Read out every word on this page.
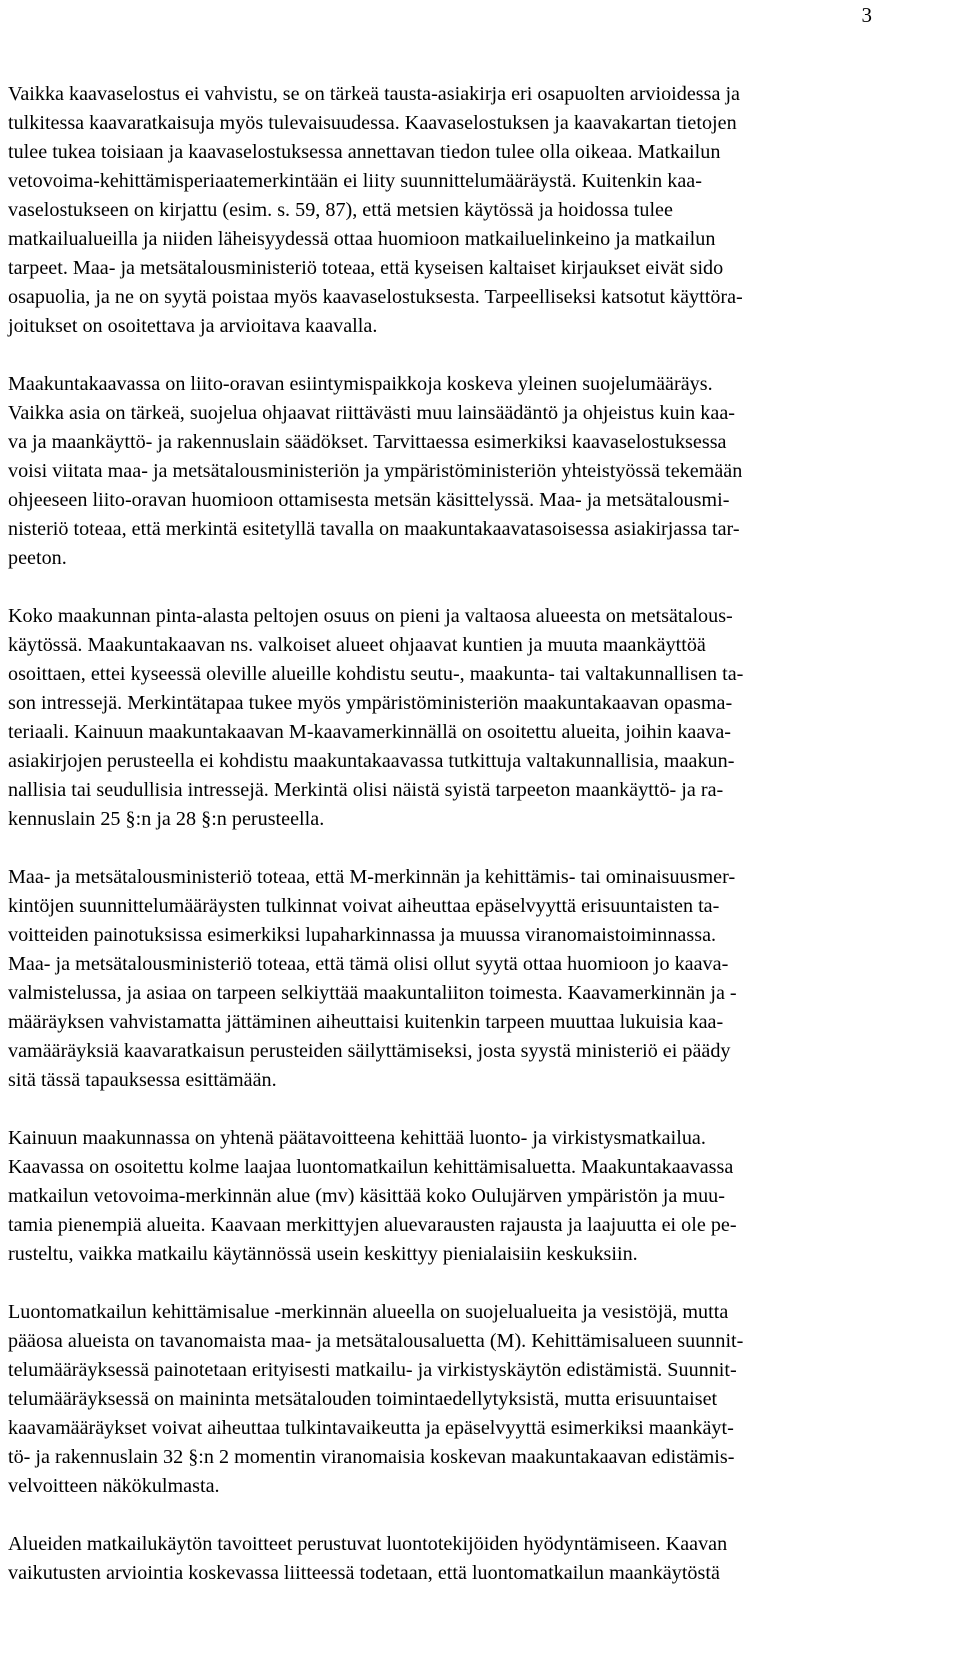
3

Vaikka kaavaselostus ei vahvistu, se on tärkeä tausta-asiakirja eri osapuolten arvioidessa ja
tulkitessa kaavaratkaisuja myös tulevaisuudessa. Kaavaselostuksen ja kaavakartan tietojen
tulee tukea toisiaan ja kaavaselostuksessa annettavan tiedon tulee olla oikeaa. Matkailun
vetovoima-kehittämisperiaatemerkintään ei liity suunnittelumääräystä. Kuitenkin kaa-
vaselostukseen on kirjattu (esim. s. 59, 87), että metsien käytössä ja hoidossa tulee
matkailualueilla ja niiden läheisyydessä ottaa huomioon matkailuelinkeino ja matkailun
tarpeet. Maa- ja metsätalousministeriö toteaa, että kyseisen kaltaiset kirjaukset eivät sido
osapuolia, ja ne on syytä poistaa myös kaavaselostuksesta. Tarpeelliseksi katsotut käyttöra-
joitukset on osoitettava ja arvioitava kaavalla.

Maakuntakaavassa on liito-oravan esiintymispaikkoja koskeva yleinen suojelumääräys.
Vaikka asia on tärkeä, suojelua ohjaavat riittävästi muu lainsäädäntö ja ohjeistus kuin kaa-
va ja maankäyttö- ja rakennuslain säädökset. Tarvittaessa esimerkiksi kaavaselostuksessa
voisi viitata maa- ja metsätalousministeriön ja ympäristöministeriön yhteistyössä tekemään
ohjeeseen liito-oravan huomioon ottamisesta metsän käsittelyssä. Maa- ja metsätalousmi-
nisteriö toteaa, että merkintä esitetyllä tavalla on maakuntakaavatasoisessa asiakirjassa tar-
peeton.

Koko maakunnan pinta-alasta peltojen osuus on pieni ja valtaosa alueesta on metsätalous-
käytössä. Maakuntakaavan ns. valkoiset alueet ohjaavat kuntien ja muuta maankäyttöä
osoittaen, ettei kyseessä oleville alueille kohdistu seutu-, maakunta- tai valtakunnallisen ta-
son intressejä. Merkintätapaa tukee myös ympäristöministeriön maakuntakaavan opasma-
teriaali. Kainuun maakuntakaavan M-kaavamerkinnällä on osoitettu alueita, joihin kaava-
asiakirjojen perusteella ei kohdistu maakuntakaavassa tutkittuja valtakunnallisia, maakun-
nallisia tai seudullisia intressejä. Merkintä olisi näistä syistä tarpeeton maankäyttö- ja ra-
kennuslain 25 §:n ja 28 §:n perusteella.

Maa- ja metsätalousministeriö toteaa, että M-merkinnän ja kehittämis- tai ominaisuusmer-
kintöjen suunnittelumääräysten tulkinnat voivat aiheuttaa epäselvyyttä erisuuntaisten ta-
voitteiden painotuksissa esimerkiksi lupaharkinnassa ja muussa viranomaistoiminnassa.
Maa- ja metsätalousministeriö toteaa, että tämä olisi ollut syytä ottaa huomioon jo kaava-
valmistelussa, ja asiaa on tarpeen selkiyttää maakuntaliiton toimesta. Kaavamerkinnän ja -
määräyksen vahvistamatta jättäminen aiheuttaisi kuitenkin tarpeen muuttaa lukuisia kaa-
vamääräyksiä kaavaratkaisun perusteiden säilyttämiseksi, josta syystä ministeriö ei päädy
sitä tässä tapauksessa esittämään.

Kainuun maakunnassa on yhtenä päätavoitteena kehittää luonto- ja virkistysmatkailua.
Kaavassa on osoitettu kolme laajaa luontomatkailun kehittämisaluetta. Maakuntakaavassa
matkailun vetovoima-merkinnän alue (mv) käsittää koko Oulujärven ympäristön ja muu-
tamia pienempiä alueita. Kaavaan merkittyjen aluevarausten rajausta ja laajuutta ei ole pe-
rusteltu, vaikka matkailu käytännössä usein keskittyy pienialaisiin keskuksiin.

Luontomatkailun kehittämisalue -merkinnän alueella on suojelualueita ja vesistöjä, mutta
pääosa alueista on tavanomaista maa- ja metsätalousaluetta (M). Kehittämisalueen suunnit-
telumääräyksessä painotetaan erityisesti matkailu- ja virkistyskäytön edistämistä. Suunnit-
telumääräyksessä on maininta metsätalouden toimintaedellytyksistä, mutta erisuuntaiset
kaavamääräykset voivat aiheuttaa tulkintavaikeutta ja epäselvyyttä esimerkiksi maankäyt-
tö- ja rakennuslain 32 §:n 2 momentin viranomaisia koskevan maakuntakaavan edistämis-
velvoitteen näkökulmasta.

Alueiden matkailukäytön tavoitteet perustuvat luontotekijöiden hyödyntämiseen. Kaavan
vaikutusten arviointia koskevassa liitteessä todetaan, että luontomatkailun maankäytöstä
